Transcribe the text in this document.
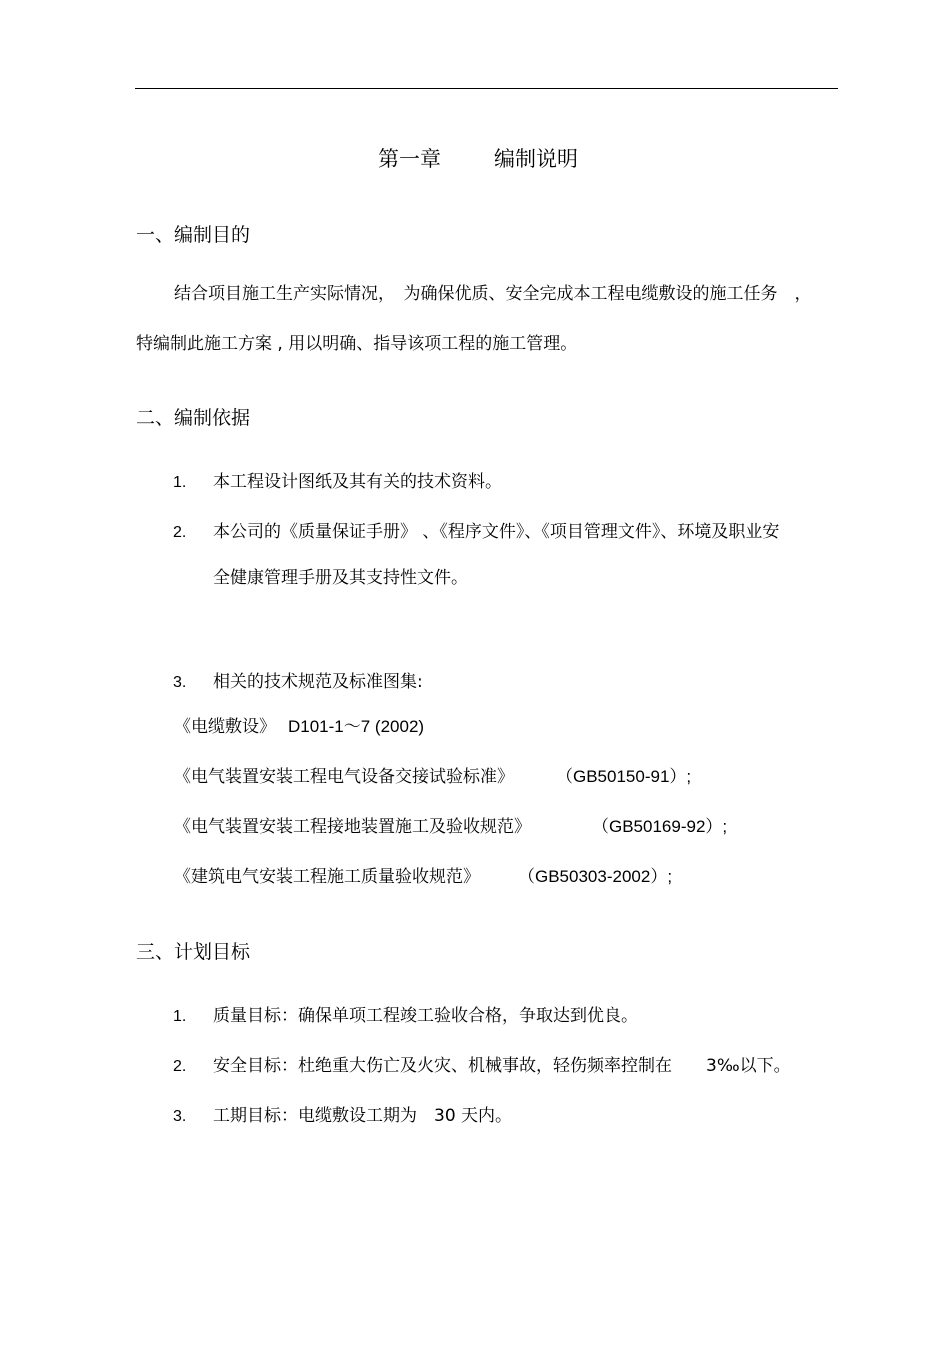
第一章	编制说明
一、编制目的
结合项目施工生产实际情况，　为确保优质、安全完成本工程电缆敷设的施工任务　，
特编制此施工方案 , 用以明确、指导该项工程的施工管理。
二、编制依据
1. 本工程设计图纸及其有关的技术资料。
2. 本公司的《质量保证手册》 、《程序文件》、《项目管理文件》、环境及职业安
全健康管理手册及其支持性文件。
3. 相关的技术规范及标准图集:
《电缆敷设》 D101-1～7 (2002)
《电气装置安装工程电气设备交接试验标准》 （GB50150-91）;
《电气装置安装工程接地装置施工及验收规范》	（GB50169-92）;
《建筑电气安装工程施工质量验收规范》 （GB50303-2002）;
三、计划目标
1. 质量目标：确保单项工程竣工验收合格，争取达到优良。
2. 安全目标：杜绝重大伤亡及火灾、机械事故，轻伤频率控制在　　3‰以下。
3. 工期目标：电缆敷设工期为　30 天内。
